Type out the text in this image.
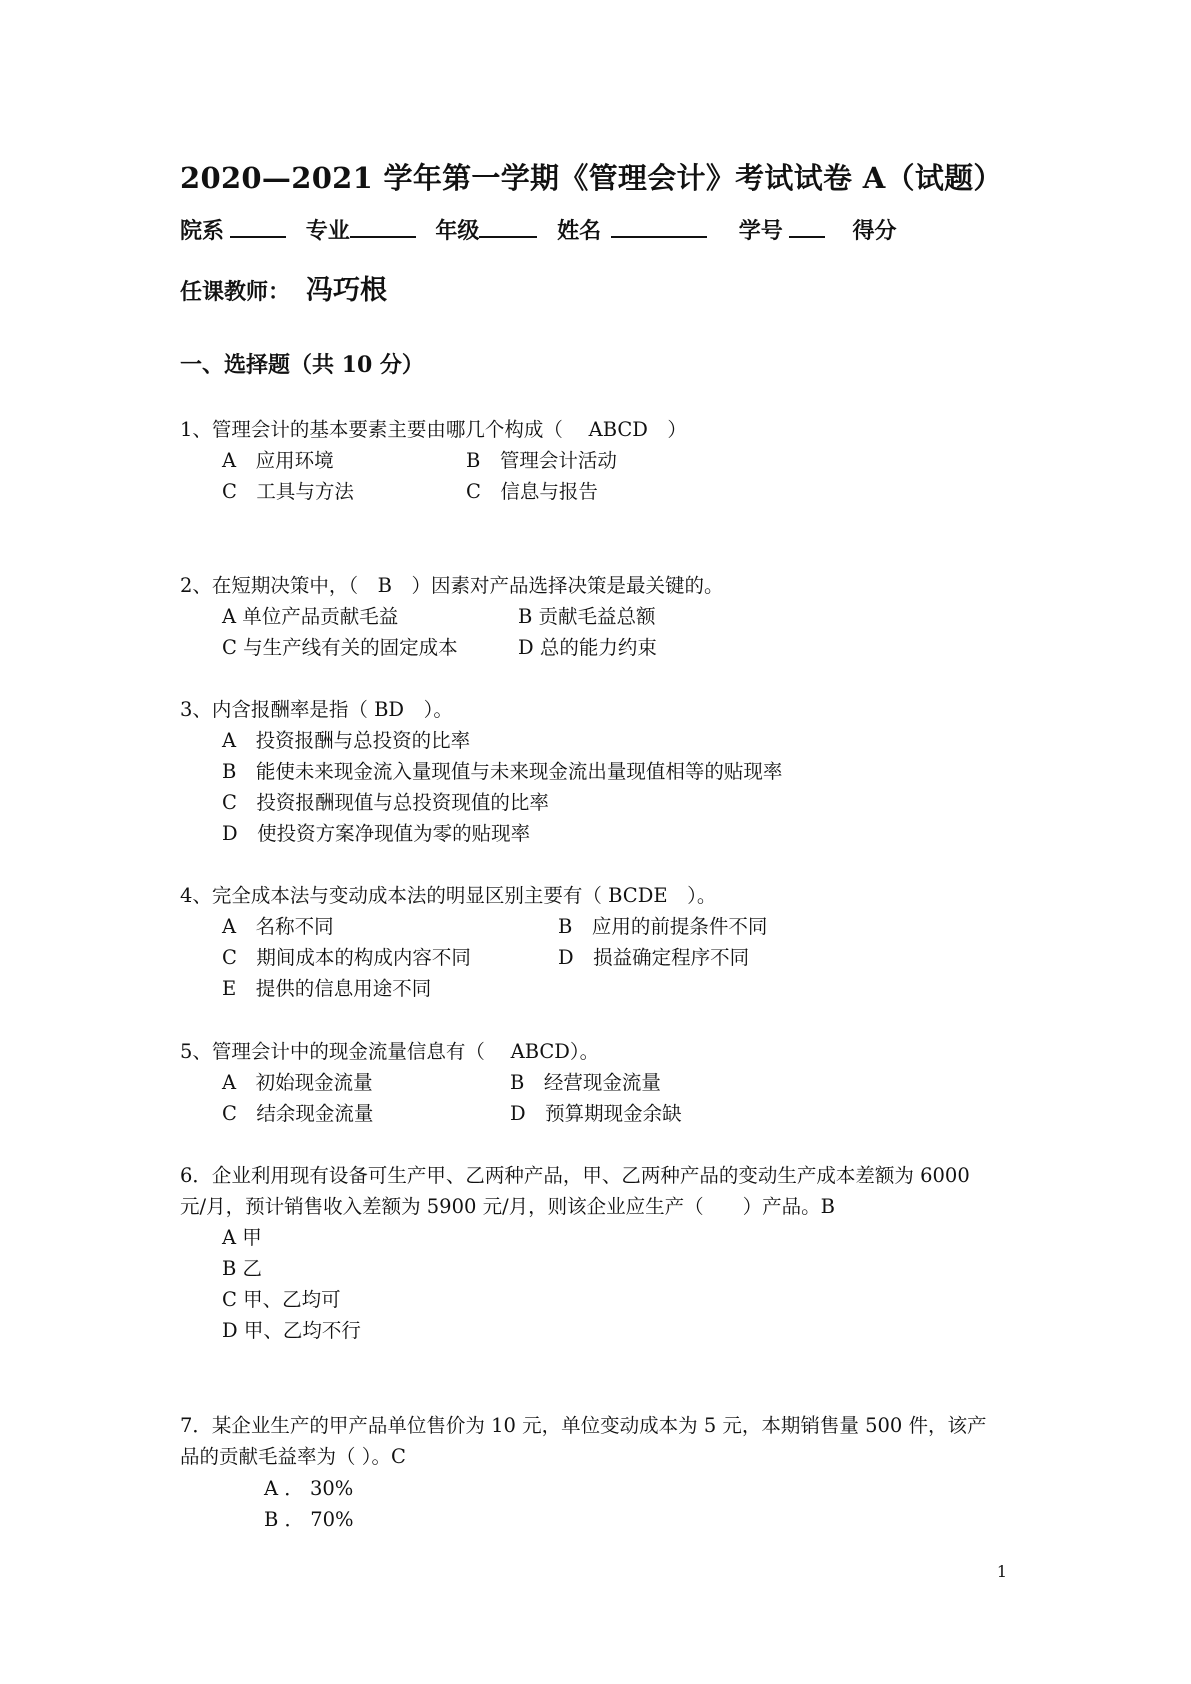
2020—2021 学年第一学期《管理会计》考试试卷 A（试题）
院系	专业	年级	姓名	学号	得分
任课教师： 冯巧根
一、选择题（共 10 分）
1、管理会计的基本要素主要由哪几个构成（　 ABCD　）
A　应用环境	B　管理会计活动
C　工具与方法	C　信息与报告
2、在短期决策中，（　B　）因素对产品选择决策是最关键的。
A 单位产品贡献毛益	B 贡献毛益总额
C 与生产线有关的固定成本	D 总的能力约束
3、内含报酬率是指（ BD　）。
A　投资报酬与总投资的比率
B　能使未来现金流入量现值与未来现金流出量现值相等的贴现率
C　投资报酬现值与总投资现值的比率
D　使投资方案净现值为零的贴现率
4、完全成本法与变动成本法的明显区别主要有（ BCDE　）。
A　名称不同	B　应用的前提条件不同
C　期间成本的构成内容不同	D　损益确定程序不同
E　提供的信息用途不同
5、管理会计中的现金流量信息有（　 ABCD）。
A　初始现金流量	B　经营现金流量
C　结余现金流量	D　预算期现金余缺
6．企业利用现有设备可生产甲、乙两种产品，甲、乙两种产品的变动生产成本差额为 6000
元/月，预计销售收入差额为 5900 元/月，则该企业应生产（　　）产品。B
A 甲
B 乙
C 甲、乙均可
D 甲、乙均不行
7．某企业生产的甲产品单位售价为 10 元，单位变动成本为 5 元，本期销售量 500 件，该产
品的贡献毛益率为（ ）。C
A ． 30%
B ． 70%
1
